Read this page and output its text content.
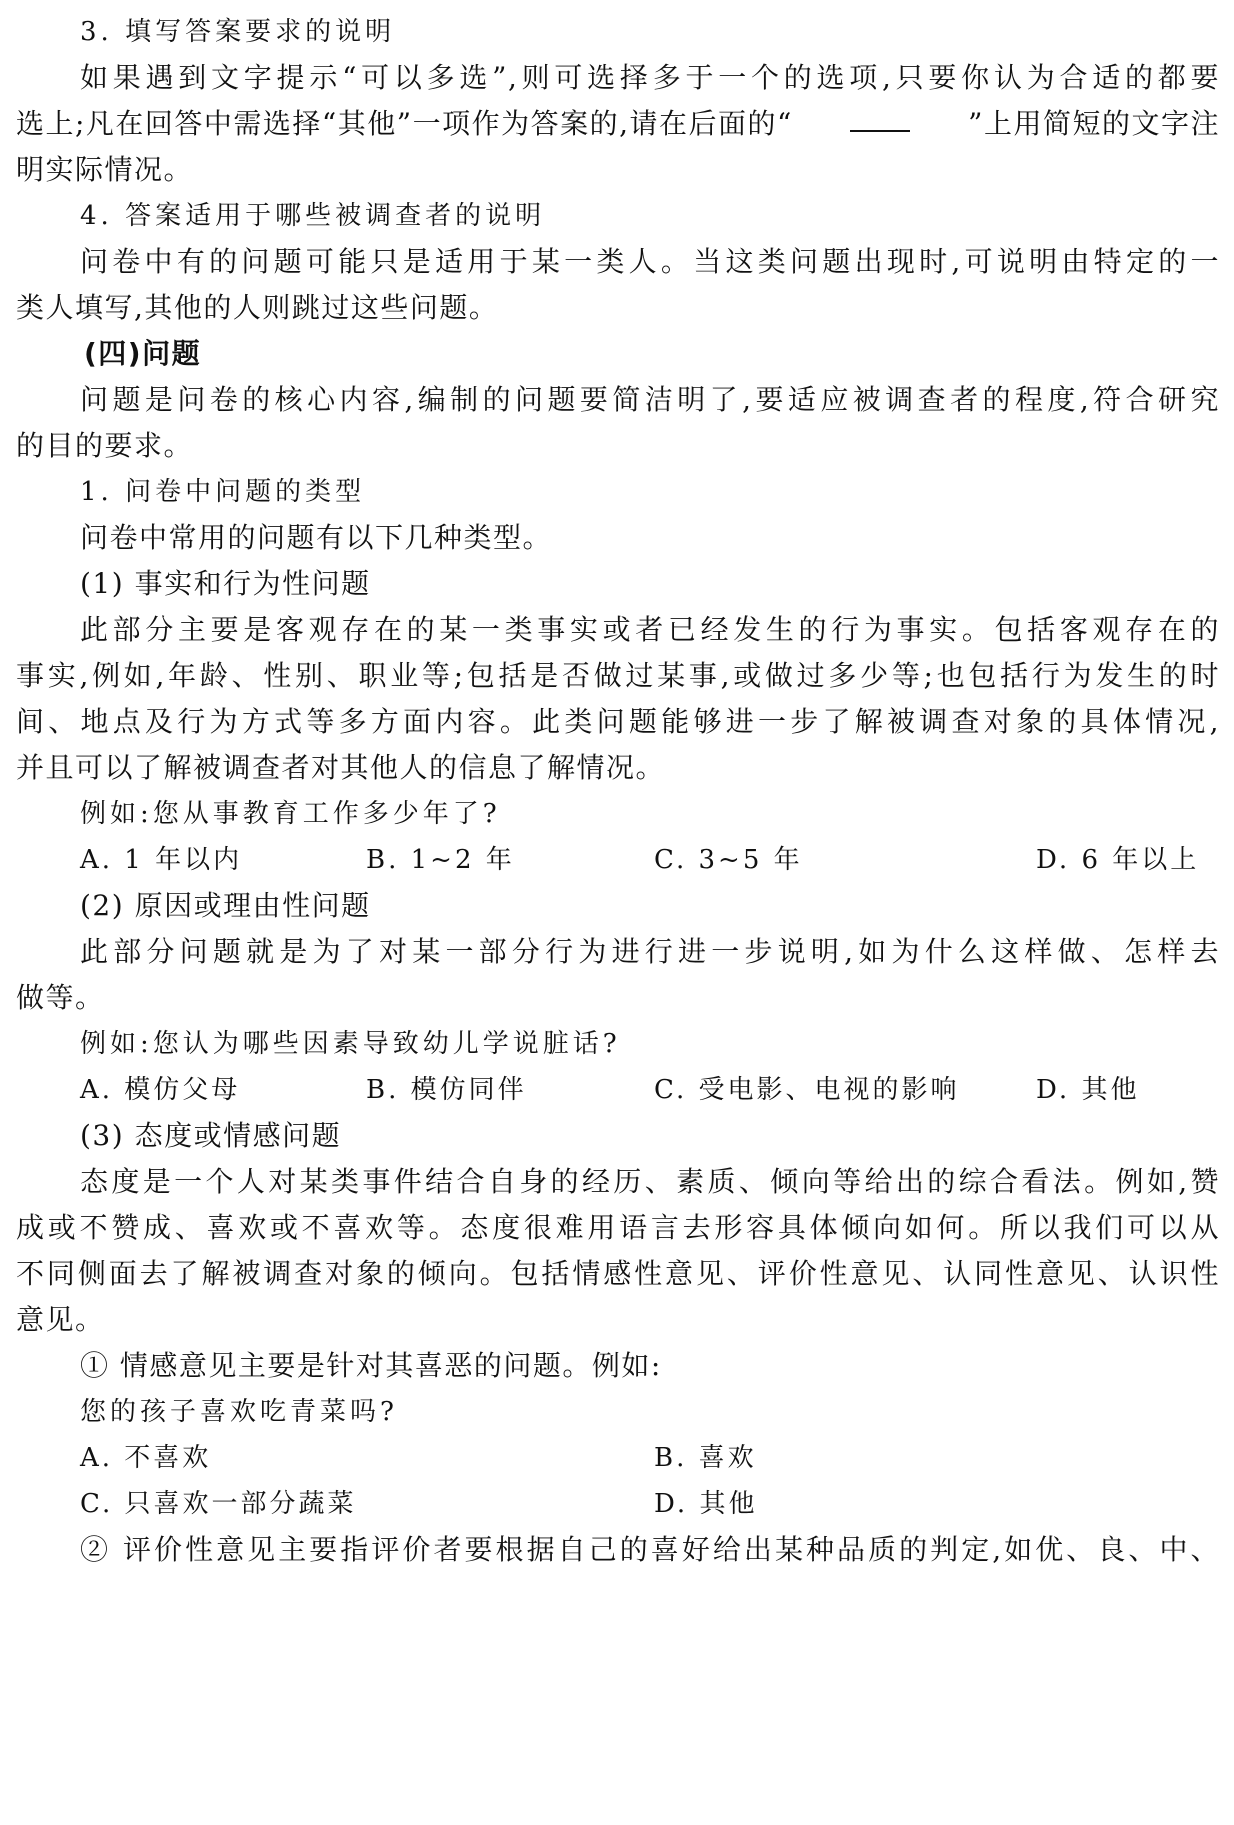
3. 填写答案要求的说明
如果遇到文字提示“可以多选”,则可选择多于一个的选项,只要你认为合适的都要
选上;凡在回答中需选择“其他”一项作为答案的,请在后面的“	”上用简短的文字注
明实际情况。
4. 答案适用于哪些被调查者的说明
问卷中有的问题可能只是适用于某一类人。当这类问题出现时,可说明由特定的一
类人填写,其他的人则跳过这些问题。
(四)问题
问题是问卷的核心内容,编制的问题要简洁明了,要适应被调查者的程度,符合研究
的目的要求。
1. 问卷中问题的类型
问卷中常用的问题有以下几种类型。
(1) 事实和行为性问题
此部分主要是客观存在的某一类事实或者已经发生的行为事实。包括客观存在的
事实,例如,年龄、性别、职业等;包括是否做过某事,或做过多少等;也包括行为发生的时
间、地点及行为方式等多方面内容。此类问题能够进一步了解被调查对象的具体情况,
并且可以了解被调查者对其他人的信息了解情况。
例如:您从事教育工作多少年了?
A. 1 年以内	B. 1~2 年	C. 3~5 年	D. 6 年以上
(2) 原因或理由性问题
此部分问题就是为了对某一部分行为进行进一步说明,如为什么这样做、怎样去
做等。
例如:您认为哪些因素导致幼儿学说脏话?
A. 模仿父母	B. 模仿同伴	C. 受电影、电视的影响	D. 其他
(3) 态度或情感问题
态度是一个人对某类事件结合自身的经历、素质、倾向等给出的综合看法。例如,赞
成或不赞成、喜欢或不喜欢等。态度很难用语言去形容具体倾向如何。所以我们可以从
不同侧面去了解被调查对象的倾向。包括情感性意见、评价性意见、认同性意见、认识性
意见。
① 情感意见主要是针对其喜恶的问题。例如:
您的孩子喜欢吃青菜吗?
A. 不喜欢	B. 喜欢
C. 只喜欢一部分蔬菜	D. 其他
② 评价性意见主要指评价者要根据自己的喜好给出某种品质的判定,如优、良、中、
